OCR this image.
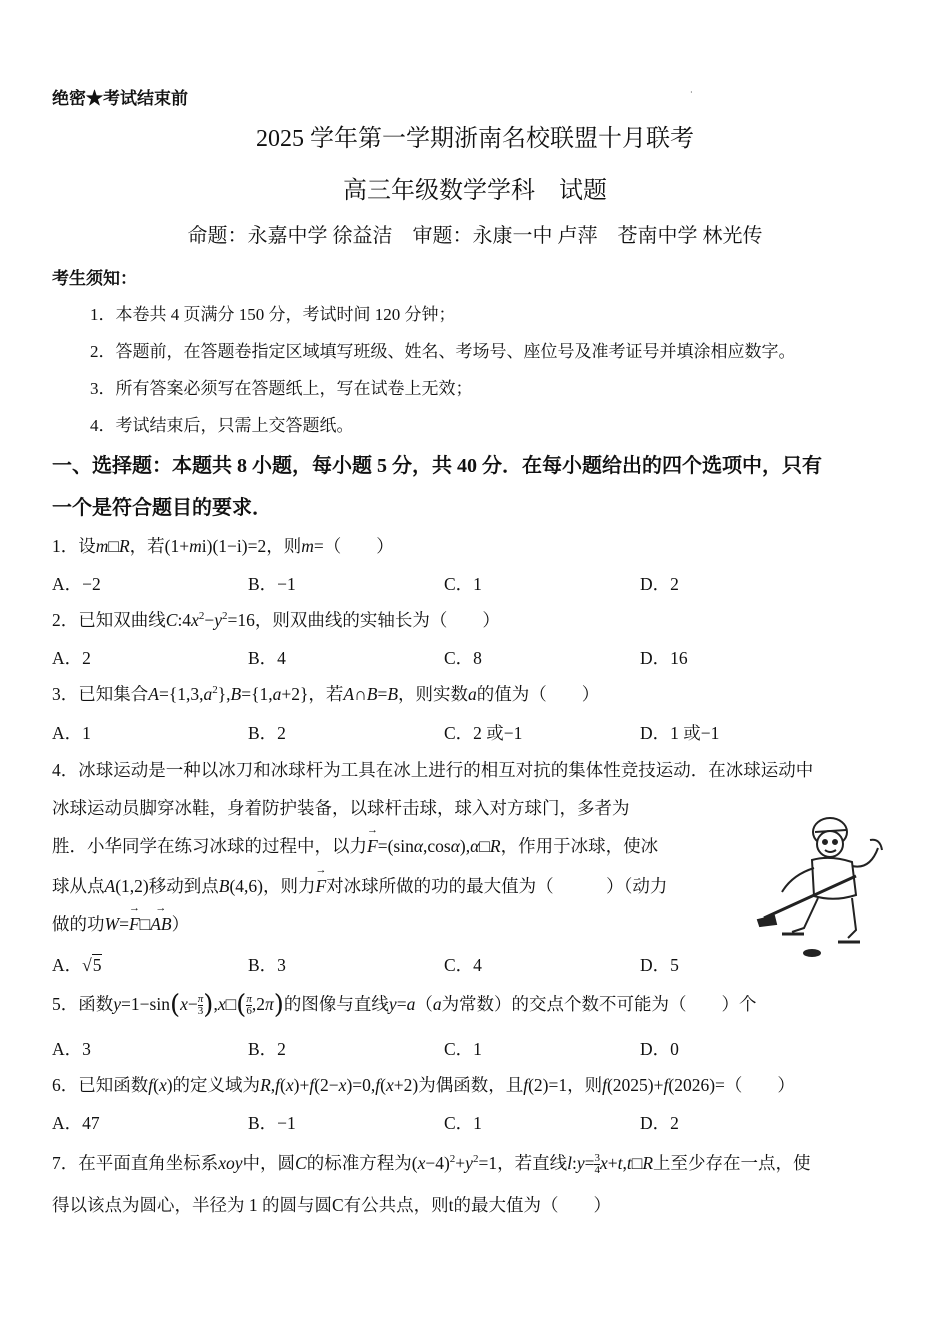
绝密★考试结束前	·
2025 学年第一学期浙南名校联盟十月联考
高三年级数学学科　试题
命题：永嘉中学 徐益洁　审题：永康一中 卢萍　苍南中学 林光传
考生须知：
1．本卷共 4 页满分 150 分，考试时间 120 分钟；
2．答题前，在答题卷指定区域填写班级、姓名、考场号、座位号及准考证号并填涂相应数字。
3．所有答案必须写在答题纸上，写在试卷上无效；
4．考试结束后，只需上交答题纸。
一、选择题：本题共 8 小题，每小题 5 分，共 40 分．在每小题给出的四个选项中，只有
一个是符合题目的要求．
1．设m□R，若(1+mi)(1−i)=2，则m=（　　）
A．−2	B．−1	C．1	D．2
2．已知双曲线$C:4x^2-y^2=16$，则双曲线的实轴长为（　　）
A．2	B．4	C．8	D．16
3．已知集合$A=\{1,3,a^2\},B=\{1,a+2\}$，若A∩B=B，则实数a的值为（　　）
A．1	B．2	C．2 或−1	D．1 或−1
4．冰球运动是一种以冰刀和冰球杆为工具在冰上进行的相互对抗的集体性竞技运动．在冰球运动中
冰球运动员脚穿冰鞋，身着防护装备，以球杆击球，球入对方球门，多者为
胜．小华同学在练习冰球的过程中，以力→ F=(sinα,cosα),α□R，作用于冰球，使冰
球从点A(1,2)移动到点B(4,6)，则力→ F对冰球所做的功的最大值为（　　　）（动力
做的功W=→ F□→ AB）
A．√5	B．3	C．4	D．5
5．函数$y=1-\sin(x- \frac{\pi}{3}$ ),x□( $\frac{\pi}{6} ,2\pi$)的图像与直线y=a（a为常数）的交点个数不可能为（　　）个
A．3	B．2	C．1	D．0
6．已知函数f(x)的定义域为R,f(x)+f(2−x)=0,f(x+2)为偶函数，且f(2)=1，则f(2025)+f(2026)=（　　）
A．47	B．−1	C．1	D．2
7．在平面直角坐标系xoy中，圆C的标准方程为$(x-4)^2+y^2=1$，若直线l:y= $\frac{3}{4}$ x+t,t□R上至少存在一点，使
得以该点为圆心，半径为 1 的圆与圆C有公共点，则t的最大值为（　　）
